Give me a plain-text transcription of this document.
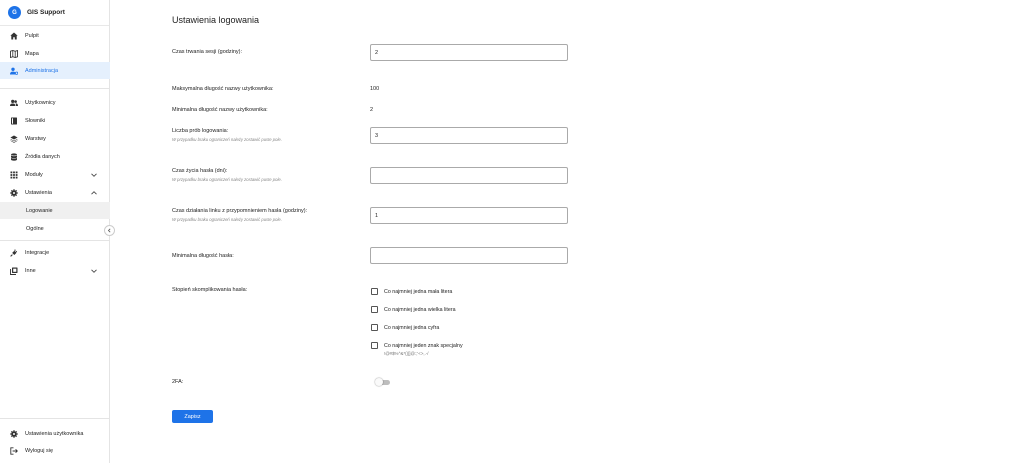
G	GIS Support
Pulpit
Mapa
Administracja
Użytkownicy
Słowniki
Warstwy
Źródła danych
Moduły
Ustawienia
Logowanie
Ogólne
Integracje
Inne
Ustawienia użytkownika
Wyloguj się
Ustawienia logowania
Czas trwania sesji (godziny):	2
Maksymalna długość nazwy użytkownika:	100
Minimalna długość nazwy użytkownika:	2
Liczba prób logowania:
W przypadku braku ograniczeń należy zostawić puste pole.
3
Czas życia hasła (dni):
W przypadku braku ograniczeń należy zostawić puste pole.
Czas działania linku z przypomnieniem hasła (godziny):
W przypadku braku ograniczeń należy zostawić puste pole.
1
Minimalna długość hasła:
Stopień skomplikowania hasła:	Co najmniej jedna mała litera
Co najmniej jedna wielka litera
Co najmniej jedna cyfra
Co najmniej jeden znak specjalny
!@#$%^&*()[]@:;'<>,.-/
2FA:
Zapisz
